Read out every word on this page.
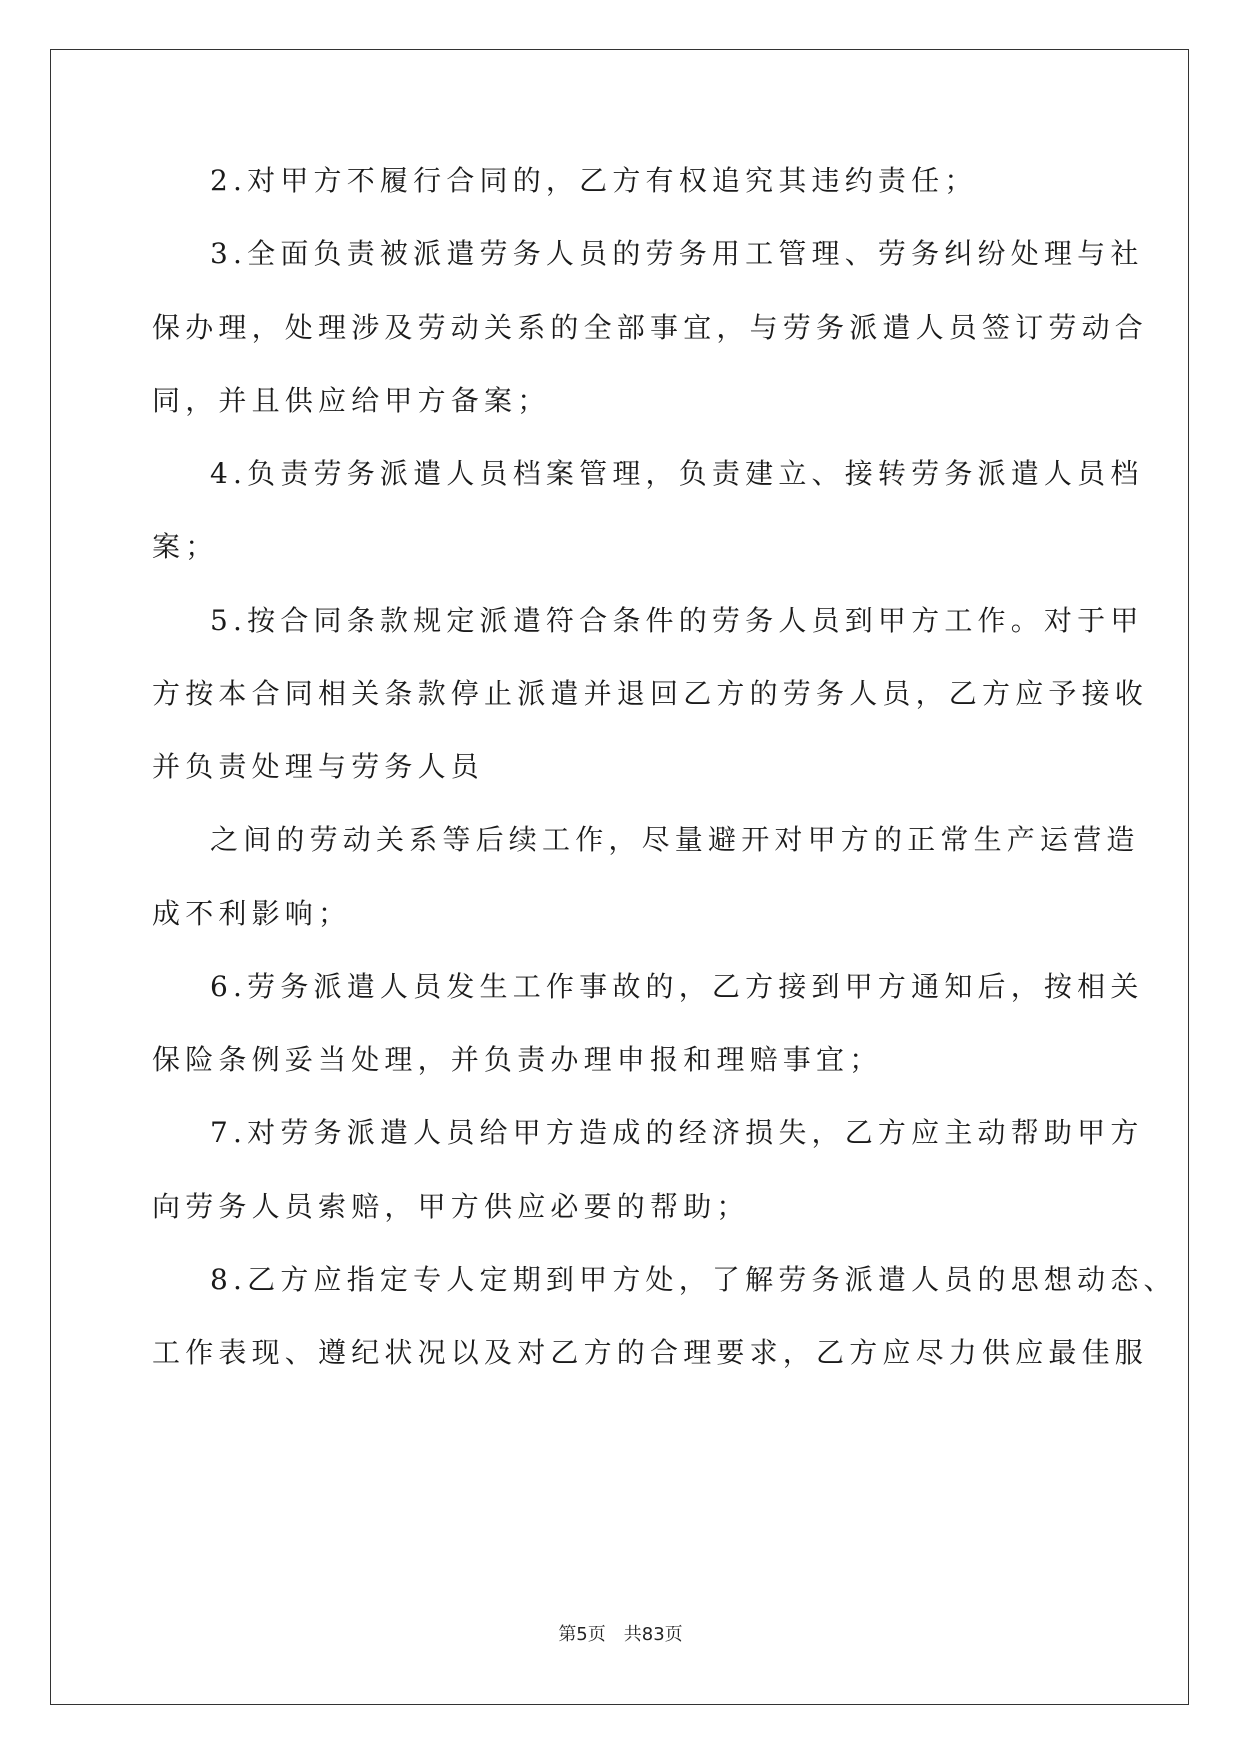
2.对甲方不履行合同的，乙方有权追究其违约责任；
3.全面负责被派遣劳务人员的劳务用工管理、劳务纠纷处理与社
保办理，处理涉及劳动关系的全部事宜，与劳务派遣人员签订劳动合
同，并且供应给甲方备案；
4.负责劳务派遣人员档案管理，负责建立、接转劳务派遣人员档
案；
5.按合同条款规定派遣符合条件的劳务人员到甲方工作。对于甲
方按本合同相关条款停止派遣并退回乙方的劳务人员，乙方应予接收
并负责处理与劳务人员
之间的劳动关系等后续工作，尽量避开对甲方的正常生产运营造
成不利影响；
6.劳务派遣人员发生工作事故的，乙方接到甲方通知后，按相关
保险条例妥当处理，并负责办理申报和理赔事宜；
7.对劳务派遣人员给甲方造成的经济损失，乙方应主动帮助甲方
向劳务人员索赔，甲方供应必要的帮助；
8.乙方应指定专人定期到甲方处，了解劳务派遣人员的思想动态、
工作表现、遵纪状况以及对乙方的合理要求，乙方应尽力供应最佳服
第5页 共83页
